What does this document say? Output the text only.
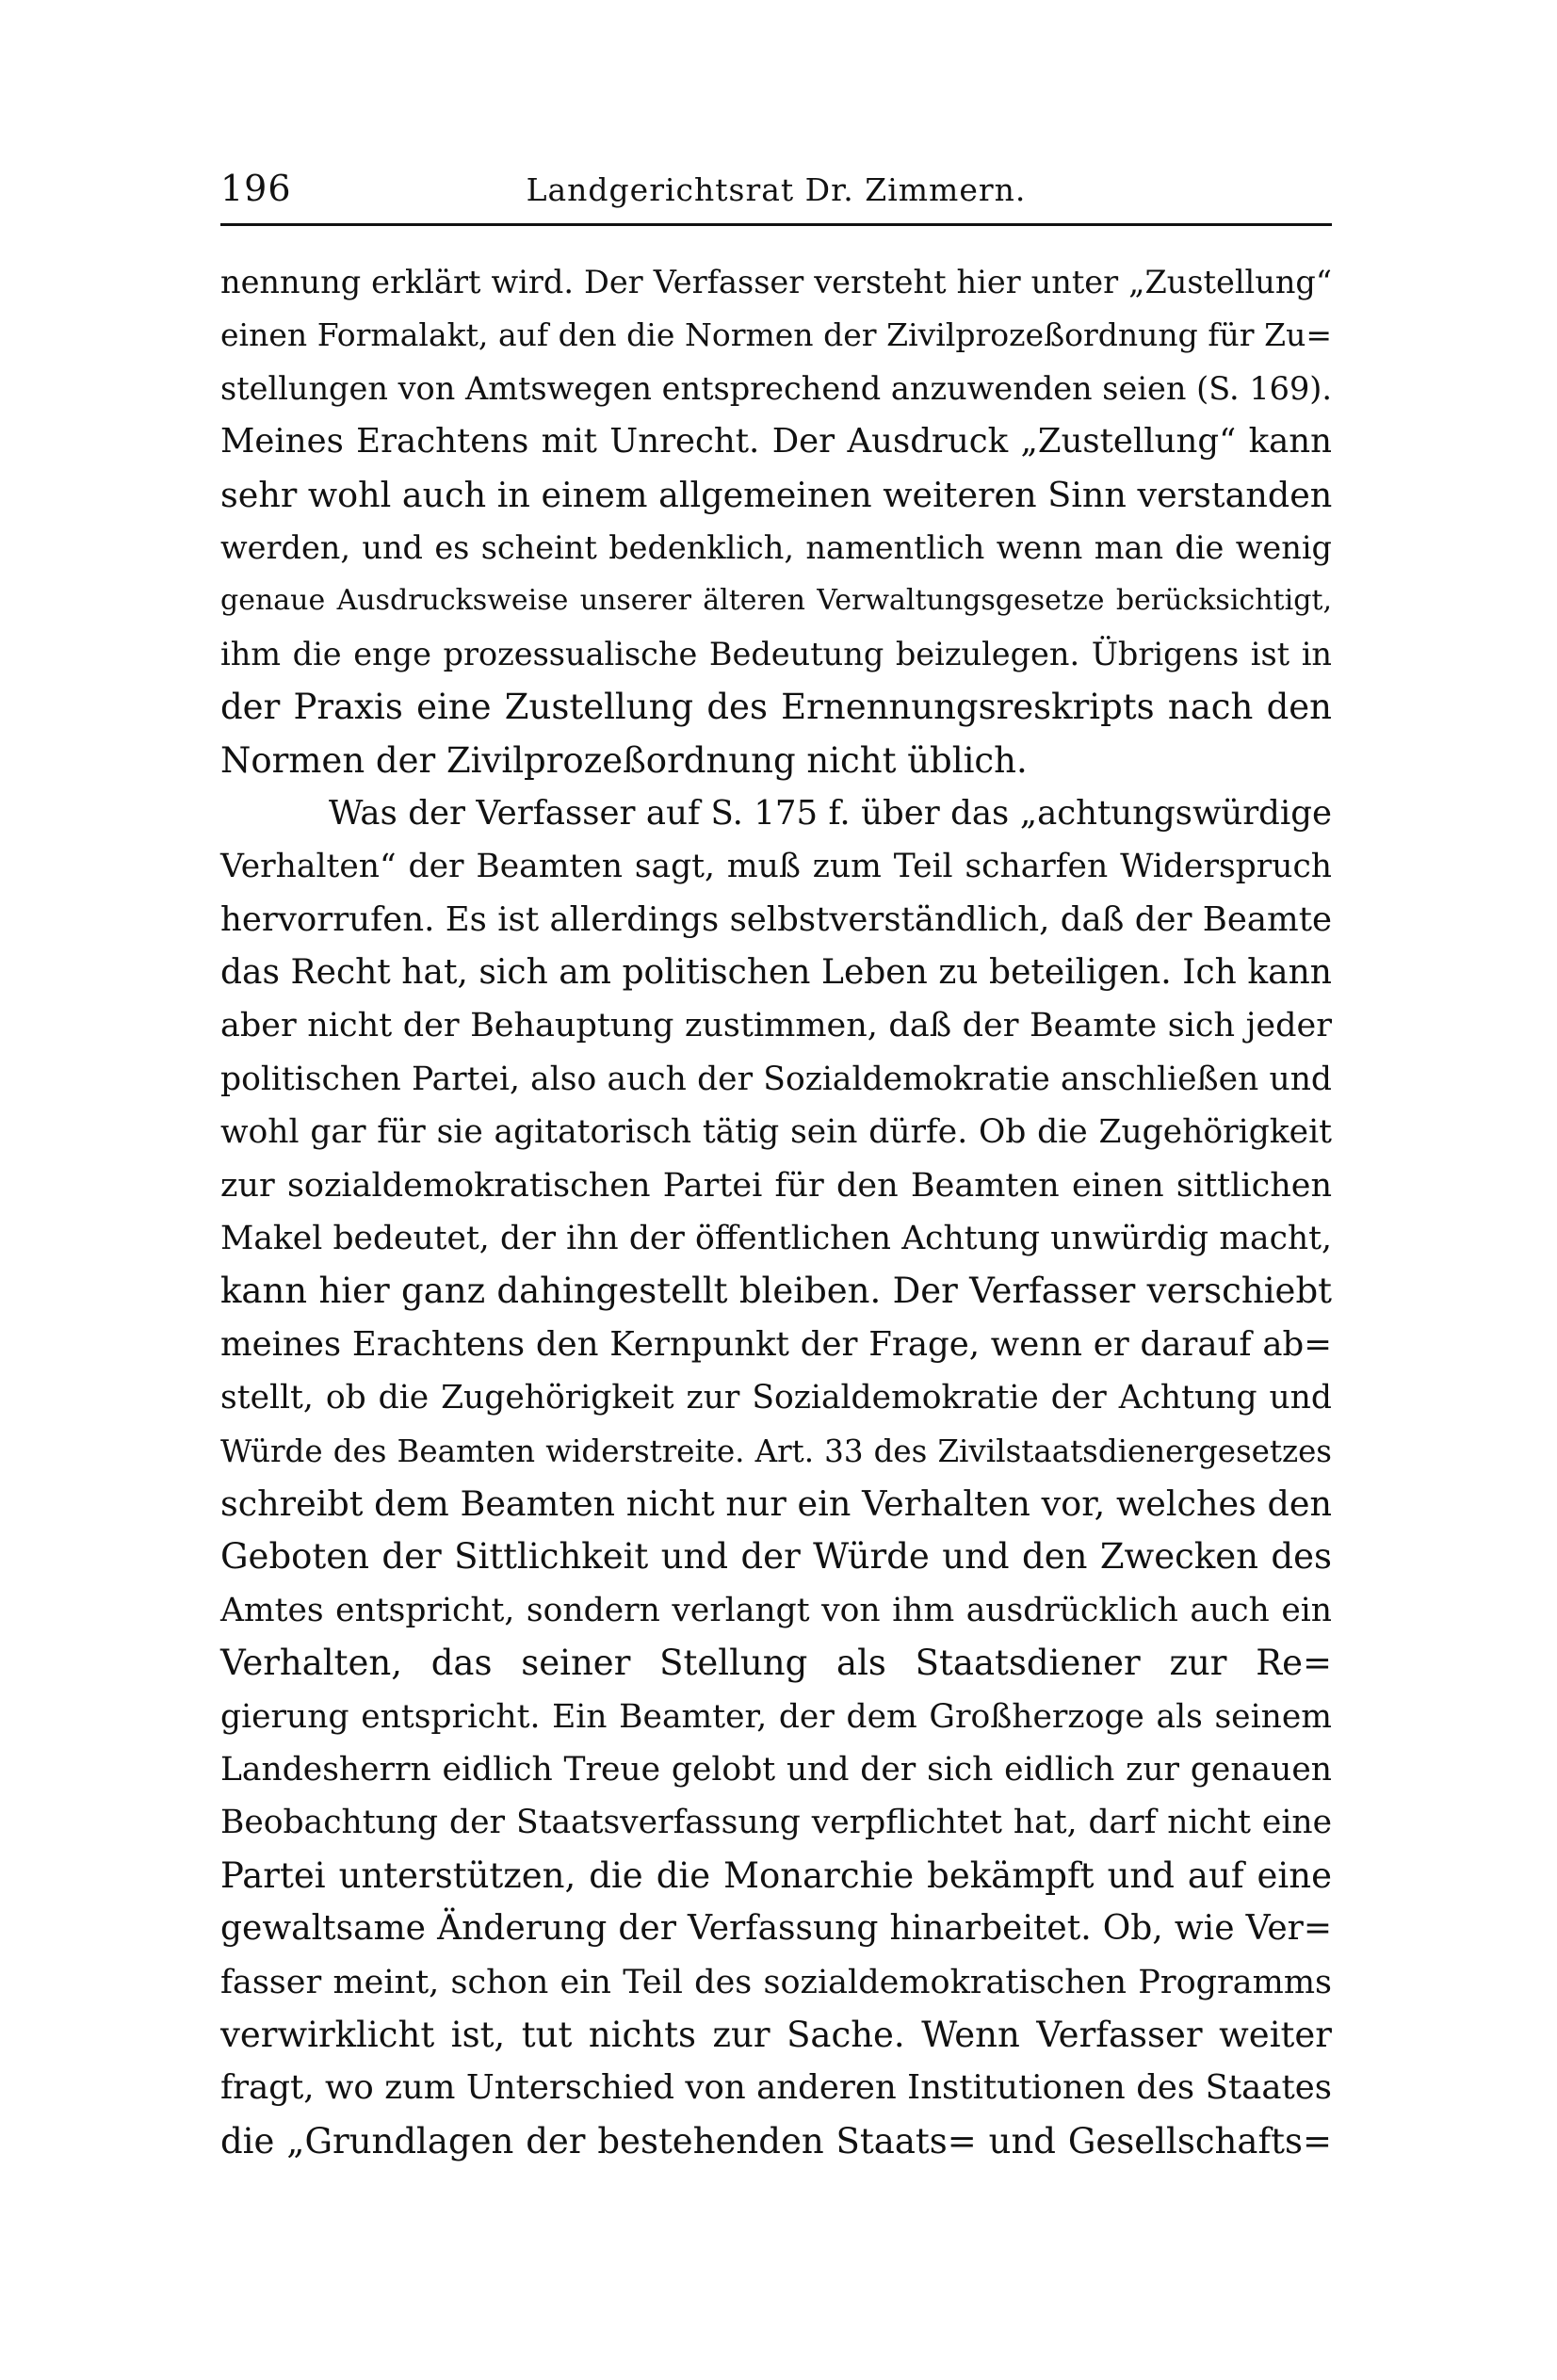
196	Landgerichtsrat Dr. Zimmern.
nennung erklärt wird. Der Verfasser versteht hier unter „Zustellung“
einen Formalakt, auf den die Normen der Zivilprozeßordnung für Zu=
stellungen von Amtswegen entsprechend anzuwenden seien (S. 169).
Meines Erachtens mit Unrecht. Der Ausdruck „Zustellung“ kann
sehr wohl auch in einem allgemeinen weiteren Sinn verstanden
werden, und es scheint bedenklich, namentlich wenn man die wenig
genaue Ausdrucksweise unserer älteren Verwaltungsgesetze berücksichtigt,
ihm die enge prozessualische Bedeutung beizulegen. Übrigens ist in
der Praxis eine Zustellung des Ernennungsreskripts nach den
Normen der Zivilprozeßordnung nicht üblich.
Was der Verfasser auf S. 175 f. über das „achtungswürdige
Verhalten“ der Beamten sagt, muß zum Teil scharfen Widerspruch
hervorrufen. Es ist allerdings selbstverständlich, daß der Beamte
das Recht hat, sich am politischen Leben zu beteiligen. Ich kann
aber nicht der Behauptung zustimmen, daß der Beamte sich jeder
politischen Partei, also auch der Sozialdemokratie anschließen und
wohl gar für sie agitatorisch tätig sein dürfe. Ob die Zugehörigkeit
zur sozialdemokratischen Partei für den Beamten einen sittlichen
Makel bedeutet, der ihn der öffentlichen Achtung unwürdig macht,
kann hier ganz dahingestellt bleiben. Der Verfasser verschiebt
meines Erachtens den Kernpunkt der Frage, wenn er darauf ab=
stellt, ob die Zugehörigkeit zur Sozialdemokratie der Achtung und
Würde des Beamten widerstreite. Art. 33 des Zivilstaatsdienergesetzes
schreibt dem Beamten nicht nur ein Verhalten vor, welches den
Geboten der Sittlichkeit und der Würde und den Zwecken des
Amtes entspricht, sondern verlangt von ihm ausdrücklich auch ein
Verhalten, das seiner Stellung als Staatsdiener zur Re=
gierung entspricht. Ein Beamter, der dem Großherzoge als seinem
Landesherrn eidlich Treue gelobt und der sich eidlich zur genauen
Beobachtung der Staatsverfassung verpflichtet hat, darf nicht eine
Partei unterstützen, die die Monarchie bekämpft und auf eine
gewaltsame Änderung der Verfassung hinarbeitet. Ob, wie Ver=
fasser meint, schon ein Teil des sozialdemokratischen Programms
verwirklicht ist, tut nichts zur Sache. Wenn Verfasser weiter
fragt, wo zum Unterschied von anderen Institutionen des Staates
die „Grundlagen der bestehenden Staats= und Gesellschafts=
